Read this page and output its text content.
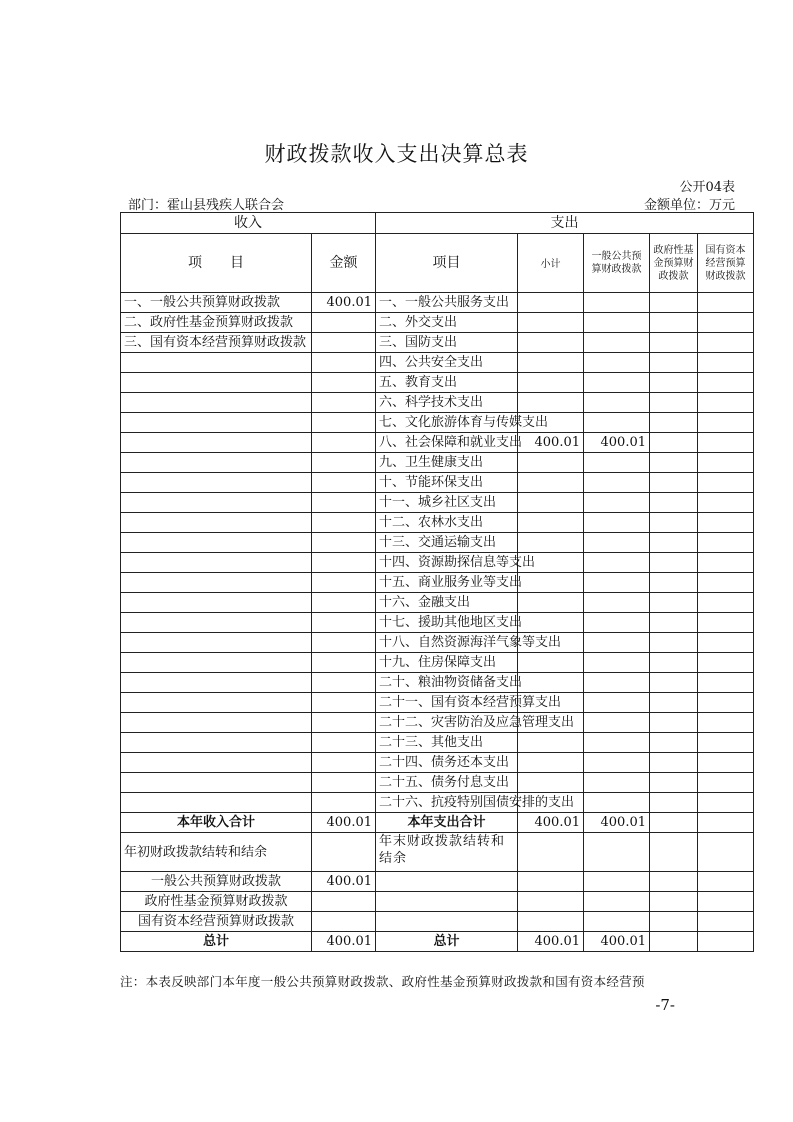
财政拨款收入支出决算总表
公开04表
部门：霍山县残疾人联合会	金额单位：万元
收入		支出				
项　　目	金额	项目	小计	一般公共预算财政拨款	政府性基金预算财政拨款	国有资本经营预算财政拨款

一、一般公共预算财政拨款	400.01	一、一般公共服务支出				
二、政府性基金预算财政拨款		二、外交支出				
三、国有资本经营预算财政拨款		三、国防支出				
		四、公共安全支出				
		五、教育支出				
		六、科学技术支出				
		七、文化旅游体育与传媒支出				
		八、社会保障和就业支出	400.01	400.01		
		九、卫生健康支出				
		十、节能环保支出				
		十一、城乡社区支出				
		十二、农林水支出				
		十三、交通运输支出				
		十四、资源勘探信息等支出				
		十五、商业服务业等支出				
		十六、金融支出				
		十七、援助其他地区支出				
		十八、自然资源海洋气象等支出				
		十九、住房保障支出				
		二十、粮油物资储备支出				
		二十一、国有资本经营预算支出				
		二十二、灾害防治及应急管理支出				
		二十三、其他支出				
		二十四、债务还本支出				
		二十五、债务付息支出				
		二十六、抗疫特别国债安排的支出				
本年收入合计	400.01	本年支出合计	400.01	400.01		
年初财政拨款结转和结余		年末财政拨款结转和结余				
一般公共预算财政拨款	400.01					
政府性基金预算财政拨款						
国有资本经营预算财政拨款						
总计	400.01	总计	400.01	400.01		
注：本表反映部门本年度一般公共预算财政拨款、政府性基金预算财政拨款和国有资本经营预
-7-
